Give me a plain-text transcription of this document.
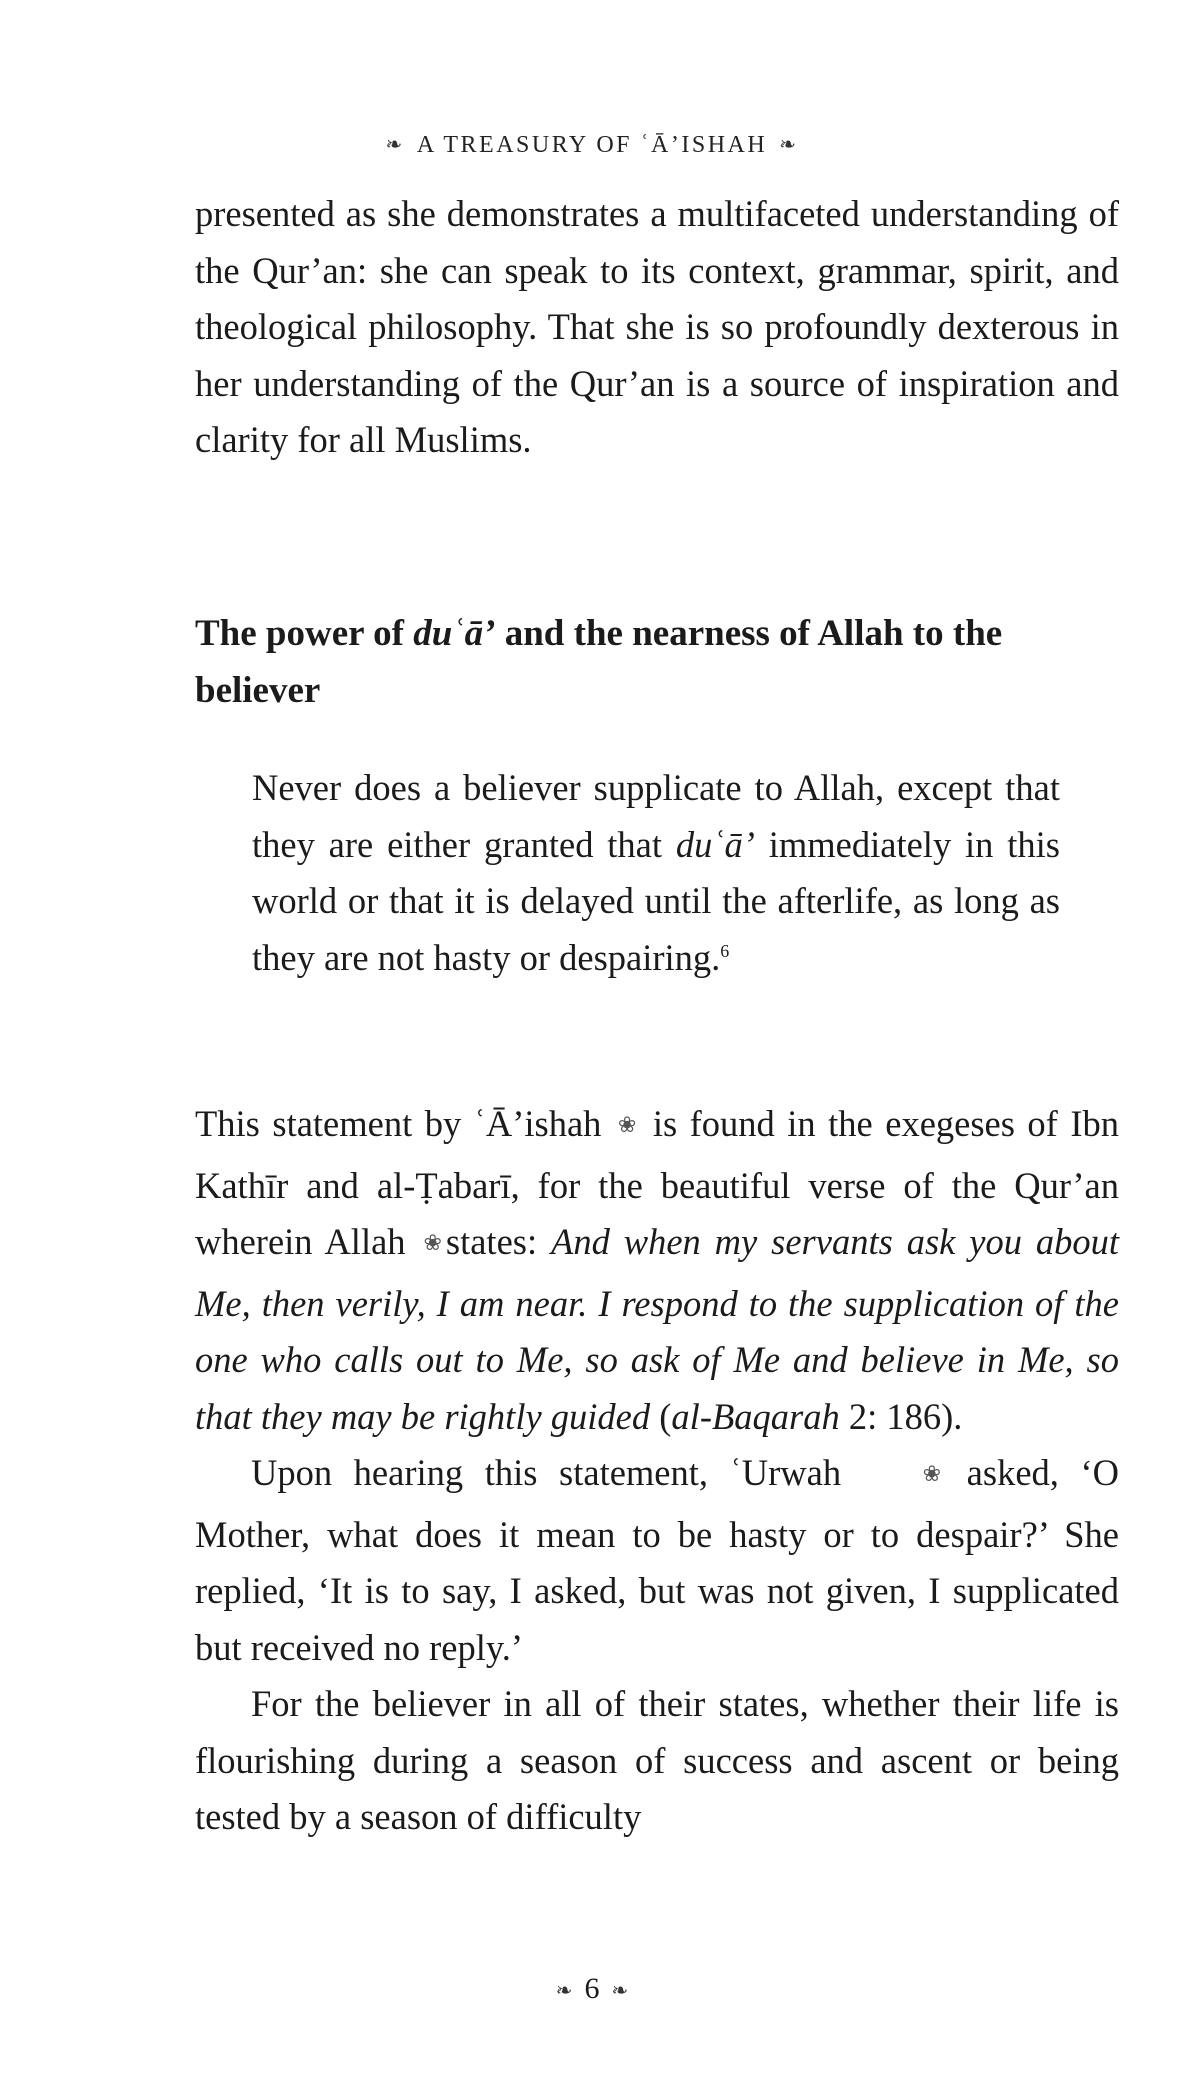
❧ A TREASURY OF ʿĀ’ISHAH ❧

presented as she demonstrates a multifaceted understanding of the Qur’an: she can speak to its context, grammar, spirit, and theological philosophy. That she is so profoundly dexterous in her understanding of the Qur’an is a source of inspiration and clarity for all Muslims.

The power of duʿā’ and the nearness of Allah to the believer

Never does a believer supplicate to Allah, except that they are either granted that duʿā’ immediately in this world or that it is delayed until the afterlife, as long as they are not hasty or despairing.$^6$

This statement by ʿĀ’ishah ❀ is found in the exegeses of Ibn Kathīr and al-Ṭabarī, for the beautiful verse of the Qur’an wherein Allah ❀ states: And when my servants ask you about Me, then verily, I am near. I respond to the supplication of the one who calls out to Me, so ask of Me and believe in Me, so that they may be rightly guided (al-Baqarah 2: 186).

Upon hearing this statement, ʿUrwah	❀ asked, ‘O Mother, what does it mean to be hasty or to despair?’ She replied, ‘It is to say, I asked, but was not given, I supplicated but received no reply.’

For the believer in all of their states, whether their life is flourishing during a season of success and ascent or being tested by a season of difficulty

❧ 6 ❧
